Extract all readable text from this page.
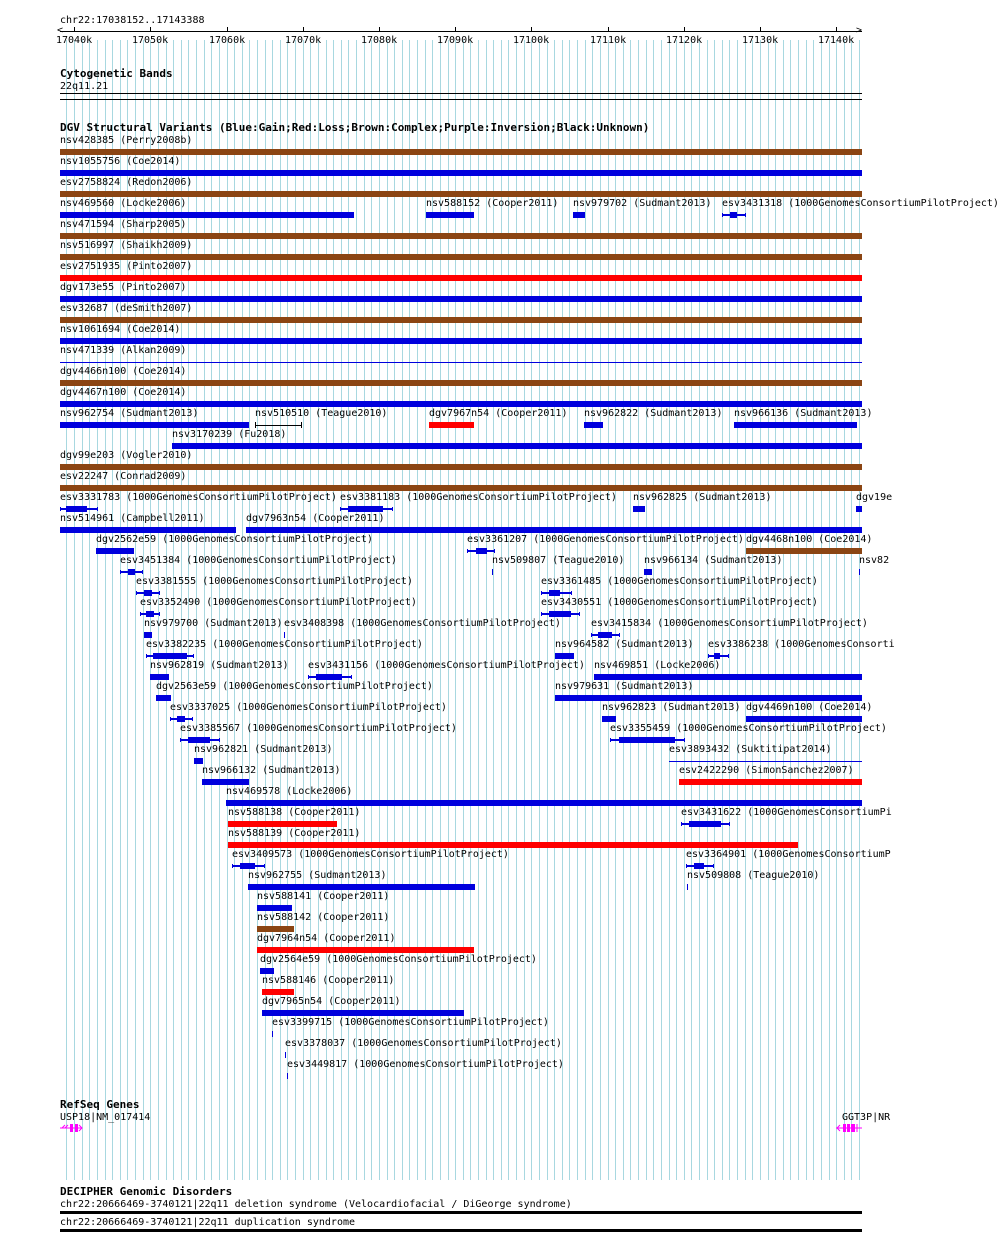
chr22:17038152..17143388
<	>
17040k	17050k	17060k	17070k	17080k	17090k	17100k	17110k	17120k	17130k	17140k
Cytogenetic Bands
22q11.21
DGV Structural Variants (Blue:Gain;Red:Loss;Brown:Complex;Purple:Inversion;Black:Unknown)
nsv428385 (Perry2008b)
nsv1055756 (Coe2014)
esv2758824 (Redon2006)
nsv469560 (Locke2006)	nsv588152 (Cooper2011) nsv979702 (Sudmant2013) esv3431318 (1000GenomesConsortiumPilotProject)
nsv471594 (Sharp2005)
nsv516997 (Shaikh2009)
esv2751935 (Pinto2007)
dgv173e55 (Pinto2007)
esv32687 (deSmith2007)
nsv1061694 (Coe2014)
nsv471339 (Alkan2009)
dgv4466n100 (Coe2014)
dgv4467n100 (Coe2014)
nsv962754 (Sudmant2013)	nsv510510 (Teague2010)	dgv7967n54 (Cooper2011) nsv962822 (Sudmant2013) nsv966136 (Sudmant2013)
nsv3170239 (Fu2018)
dgv99e203 (Vogler2010)
esv22247 (Conrad2009)
esv3331783 (1000GenomesConsortiumPilotProject) esv3381183 (1000GenomesConsortiumPilotProject) nsv962825 (Sudmant2013)	dgv19e
nsv514961 (Campbell2011)	dgv7963n54 (Cooper2011)
dgv2562e59 (1000GenomesConsortiumPilotProject)	esv3361207 (1000GenomesConsortiumPilotProject) dgv4468n100 (Coe2014)
esv3451384 (1000GenomesConsortiumPilotProject)	nsv509807 (Teague2010) nsv966134 (Sudmant2013)	nsv82
esv3381555 (1000GenomesConsortiumPilotProject)	esv3361485 (1000GenomesConsortiumPilotProject)
esv3352490 (1000GenomesConsortiumPilotProject)	esv3430551 (1000GenomesConsortiumPilotProject)
nsv979700 (Sudmant2013) esv3408398 (1000GenomesConsortiumPilotProject)	esv3415834 (1000GenomesConsortiumPilotProject)
esv3382235 (1000GenomesConsortiumPilotProject)	nsv964582 (Sudmant2013) esv3386238 (1000GenomesConsorti
nsv962819 (Sudmant2013) esv3431156 (1000GenomesConsortiumPilotProject) nsv469851 (Locke2006)
dgv2563e59 (1000GenomesConsortiumPilotProject)	nsv979631 (Sudmant2013)
esv3337025 (1000GenomesConsortiumPilotProject)	nsv962823 (Sudmant2013) dgv4469n100 (Coe2014)
esv3385567 (1000GenomesConsortiumPilotProject)	esv3355459 (1000GenomesConsortiumPilotProject)
nsv962821 (Sudmant2013)	esv3893432 (Suktitipat2014)
nsv966132 (Sudmant2013)	esv2422290 (SimonSanchez2007)
nsv469578 (Locke2006)
nsv588138 (Cooper2011)	esv3431622 (1000GenomesConsortiumPi
nsv588139 (Cooper2011)
esv3409573 (1000GenomesConsortiumPilotProject)	esv3364901 (1000GenomesConsortiumP
nsv962755 (Sudmant2013)	nsv509808 (Teague2010)
nsv588141 (Cooper2011)
nsv588142 (Cooper2011)
dgv7964n54 (Cooper2011)
dgv2564e59 (1000GenomesConsortiumPilotProject)
nsv588146 (Cooper2011)
dgv7965n54 (Cooper2011)
esv3399715 (1000GenomesConsortiumPilotProject)
esv3378037 (1000GenomesConsortiumPilotProject)
esv3449817 (1000GenomesConsortiumPilotProject)
RefSeq Genes
USP18|NM_017414	GGT3P|NR
DECIPHER Genomic Disorders
chr22:20666469-3740121|22q11 deletion syndrome (Velocardiofacial / DiGeorge syndrome)
chr22:20666469-3740121|22q11 duplication syndrome
